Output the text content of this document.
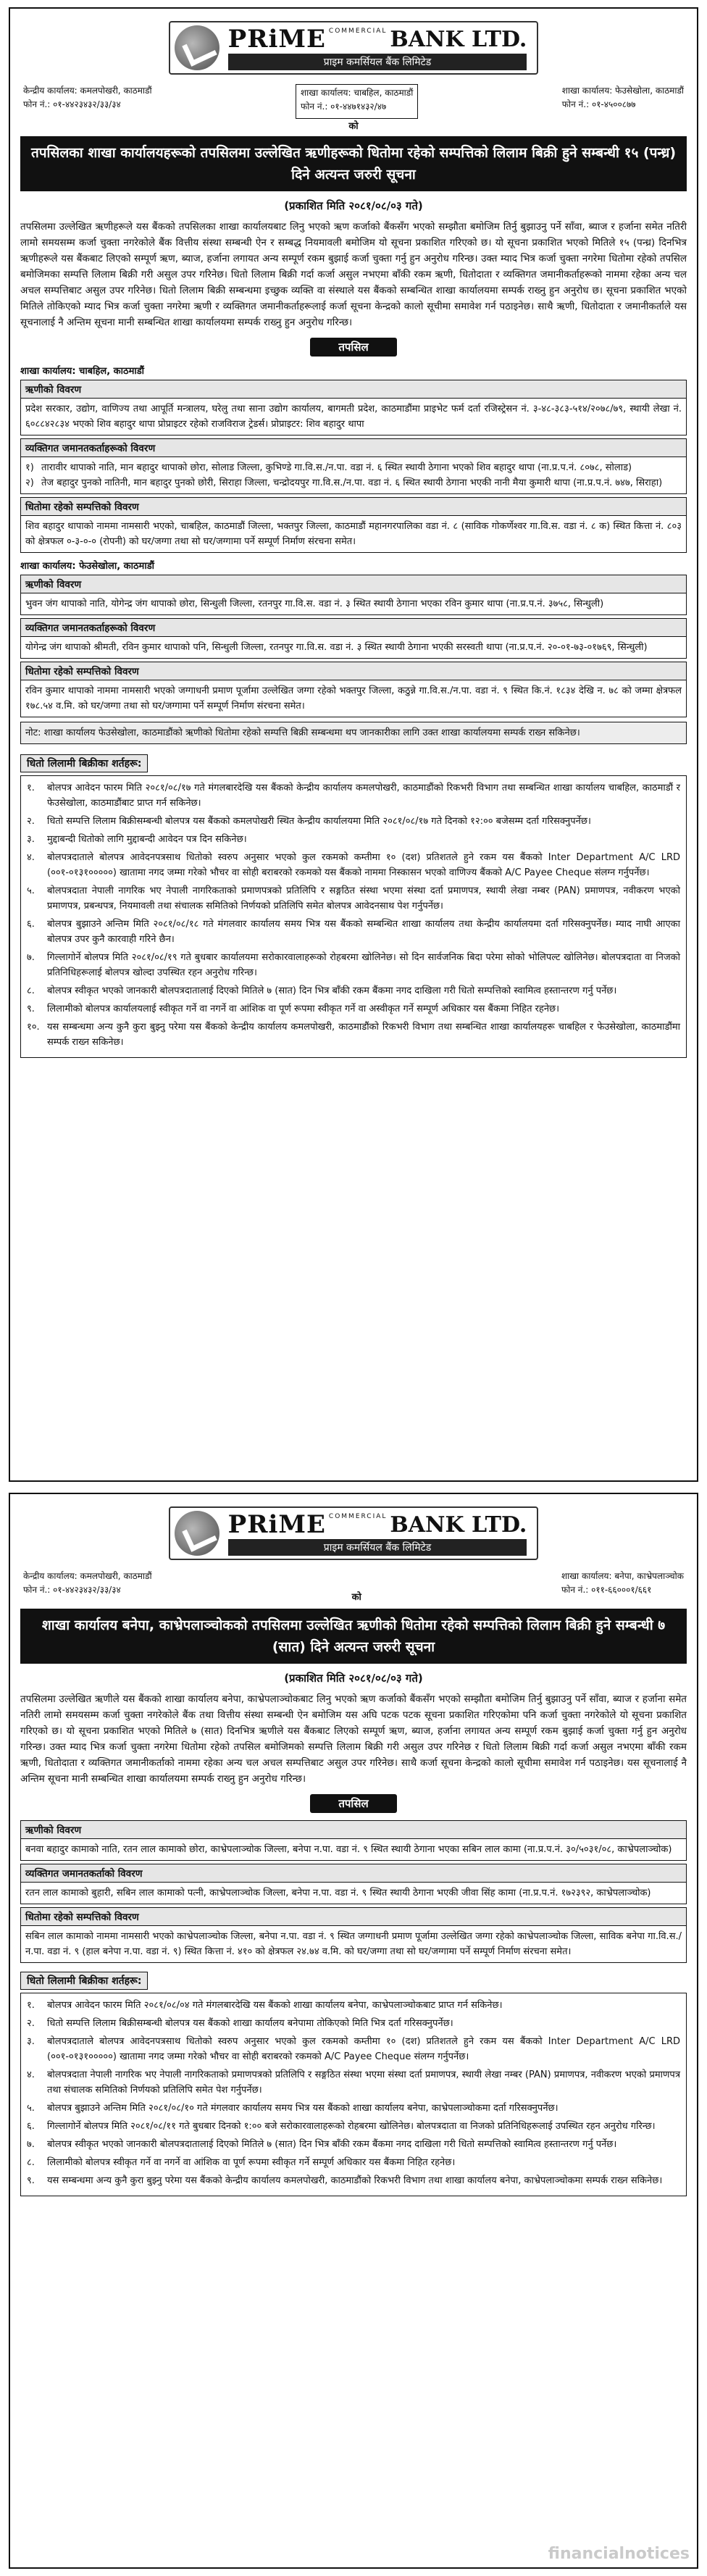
PRiME COMMERCIAL BANK LTD.
प्राइम कमर्सियल बैंक लिमिटेड
केन्द्रीय कार्यालय: कमलपोखरी, काठमाडौं
फोन नं.: ०१-४४२३४३२/३३/३४
शाखा कार्यालय: चाबहिल, काठमाडौं
फोन नं.: ०१-४४७१४३२/४७
शाखा कार्यालय: फेउसेखोला, काठमाडौं
फोन नं.: ०१-४५००८७७
को
तपसिलका शाखा कार्यालयहरूको तपसिलमा उल्लेखित ऋणीहरूको धितोमा रहेको सम्पत्तिको लिलाम बिक्री हुने सम्बन्धी १५ (पन्ध्र) दिने अत्यन्त जरुरी सूचना
(प्रकाशित मिति २०८१/०८/०३ गते)
तपसिलमा उल्लेखित ऋणीहरूले यस बैंकको तपसिलका शाखा कार्यालयबाट लिनु भएको ऋण कर्जाको बैंकसँग भएको सम्झौता बमोजिम तिर्नु बुझाउनु पर्ने साँवा, ब्याज र हर्जाना समेत नतिरी लामो समयसम्म कर्जा चुक्ता नगरेकोले बैंक वित्तीय संस्था सम्बन्धी ऐन र सम्बद्ध नियमावली बमोजिम यो सूचना प्रकाशित गरिएको छ। यो सूचना प्रकाशित भएको मितिले १५ (पन्ध्र) दिनभित्र ऋणीहरूले यस बैंकबाट लिएको सम्पूर्ण ऋण, ब्याज, हर्जाना लगायत अन्य सम्पूर्ण रकम बुझाई कर्जा चुक्ता गर्नु हुन अनुरोध गरिन्छ। उक्त म्याद भित्र कर्जा चुक्ता नगरेमा धितोमा रहेको तपसिल बमोजिमका सम्पत्ति लिलाम बिक्री गरी असुल उपर गरिनेछ। धितो लिलाम बिक्री गर्दा कर्जा असुल नभएमा बाँकी रकम ऋणी, धितोदाता र व्यक्तिगत जमानीकर्ताहरूको नाममा रहेका अन्य चल अचल सम्पत्तिबाट असुल उपर गरिनेछ। धितो लिलाम बिक्री सम्बन्धमा इच्छुक व्यक्ति वा संस्थाले यस बैंकको सम्बन्धित शाखा कार्यालयमा सम्पर्क राख्नु हुन अनुरोध छ। सूचना प्रकाशित भएको मितिले तोकिएको म्याद भित्र कर्जा चुक्ता नगरेमा ऋणी र व्यक्तिगत जमानीकर्ताहरूलाई कर्जा सूचना केन्द्रको कालो सूचीमा समावेश गर्न पठाइनेछ। साथै ऋणी, धितोदाता र जमानीकर्ताले यस सूचनालाई नै अन्तिम सूचना मानी सम्बन्धित शाखा कार्यालयमा सम्पर्क राख्नु हुन अनुरोध गरिन्छ।
तपसिल
शाखा कार्यालय: चाबहिल, काठमाडौं
ऋणीको विवरण
प्रदेश सरकार, उद्योग, वाणिज्य तथा आपूर्ति मन्त्रालय, घरेलु तथा साना उद्योग कार्यालय, बागमती प्रदेश, काठमाडौंमा प्राइभेट फर्म दर्ता रजिस्ट्रेसन नं. ३-४८-३८३-५१४/२०७८/७९, स्थायी लेखा नं. ६०८८४२८३४ भएको शिव बहादुर थापा प्रोप्राइटर रहेको राजविराज ट्रेडर्स। प्रोप्राइटर: शिव बहादुर थापा
व्यक्तिगत जमानतकर्ताहरूको विवरण
१) तारावीर थापाको नाति, मान बहादुर थापाको छोरा, सोलाड जिल्ला, कुभिण्डे गा.वि.स./न.पा. वडा नं. ६ स्थित स्थायी ठेगाना भएको शिव बहादुर थापा (ना.प्र.प.नं. ८०७८, सोलाड)
२) तेज बहादुर पुनको नातिनी, मान बहादुर पुनको छोरी, सिराहा जिल्ला, चन्द्रोदयपुर गा.वि.स./न.पा. वडा नं. ६ स्थित स्थायी ठेगाना भएकी नानी मैया कुमारी थापा (ना.प्र.प.नं. ७४७, सिराहा)
धितोमा रहेको सम्पत्तिको विवरण
शिव बहादुर थापाको नाममा नामसारी भएको, चाबहिल, काठमाडौं जिल्ला, भक्तपुर जिल्ला, काठमाडौं महानगरपालिका वडा नं. ८ (साविक गोकर्णेश्वर गा.वि.स. वडा नं. ८ क) स्थित कित्ता नं. ८०३ को क्षेत्रफल ०-३-०-० (रोपनी) को घर/जग्गा तथा सो घर/जग्गामा पर्ने सम्पूर्ण निर्माण संरचना समेत।
शाखा कार्यालय: फेउसेखोला, काठमाडौं
ऋणीको विवरण
भुवन जंग थापाको नाति, योगेन्द्र जंग थापाको छोरा, सिन्धुली जिल्ला, रतनपुर गा.वि.स. वडा नं. ३ स्थित स्थायी ठेगाना भएका रविन कुमार थापा (ना.प्र.प.नं. ३७५८, सिन्धुली)
व्यक्तिगत जमानतकर्ताहरूको विवरण
योगेन्द्र जंग थापाको श्रीमती, रविन कुमार थापाको पनि, सिन्धुली जिल्ला, रतनपुर गा.वि.स. वडा नं. ३ स्थित स्थायी ठेगाना भएकी सरस्वती थापा (ना.प्र.प.नं. २०-०१-७३-०१७६९, सिन्धुली)
धितोमा रहेको सम्पत्तिको विवरण
रविन कुमार थापाको नाममा नामसारी भएको जग्गाधनी प्रमाण पूर्जामा उल्लेखित जग्गा रहेको भक्तपुर जिल्ला, कठुन्ने गा.वि.स./न.पा. वडा नं. ९ स्थित कि.नं. १८३४ देखि न. ७८ को जम्मा क्षेत्रफल १७८.५४ व.मि. को घर/जग्गा तथा सो घर/जग्गामा पर्ने सम्पूर्ण निर्माण संरचना समेत।
नोट: शाखा कार्यालय फेउसेखोला, काठमाडौंको ऋणीको धितोमा रहेको सम्पत्ति बिक्री सम्बन्धमा थप जानकारीका लागि उक्त शाखा कार्यालयमा सम्पर्क राख्न सकिनेछ।
धितो लिलामी बिक्रीका शर्तहरू:
१.	बोलपत्र आवेदन फारम मिति २०८१/०८/१७ गते मंगलबारदेखि यस बैंकको केन्द्रीय कार्यालय कमलपोखरी, काठमाडौंको रिकभरी विभाग तथा सम्बन्धित शाखा कार्यालय चाबहिल, काठमाडौं र फेउसेखोला, काठमाडौंबाट प्राप्त गर्न सकिनेछ।
२.	धितो सम्पत्ति लिलाम बिक्रीसम्बन्धी बोलपत्र यस बैंकको कमलपोखरी स्थित केन्द्रीय कार्यालयमा मिति २०८१/०८/१७ गते दिनको १२:०० बजेसम्म दर्ता गरिसक्नुपर्नेछ।
३.	मुद्दाबन्दी धितोको लागि मुद्दाबन्दी आवेदन पत्र दिन सकिनेछ।
४.	बोलपत्रदाताले बोलपत्र आवेदनपत्रसाथ धितोको स्वरुप अनुसार भएको कुल रकमको कम्तीमा १० (दश) प्रतिशतले हुने रकम यस बैंकको Inter Department A/C LRD (००१-०१३१०००००) खातामा नगद जम्मा गरेको भौचर वा सोही बराबरको रकमको यस बैंकको नाममा निस्कासन भएको वाणिज्य बैंकको A/C Payee Cheque संलग्न गर्नुपर्नेछ।
५.	बोलपत्रदाता नेपाली नागरिक भए नेपाली नागरिकताको प्रमाणपत्रको प्रतिलिपि र सङ्गठित संस्था भएमा संस्था दर्ता प्रमाणपत्र, स्थायी लेखा नम्बर (PAN) प्रमाणपत्र, नवीकरण भएको प्रमाणपत्र, प्रबन्धपत्र, नियमावली तथा संचालक समितिको निर्णयको प्रतिलिपि समेत बोलपत्र आवेदनसाथ पेश गर्नुपर्नेछ।
६.	बोलपत्र बुझाउने अन्तिम मिति २०८१/०८/१८ गते मंगलवार कार्यालय समय भित्र यस बैंकको सम्बन्धित शाखा कार्यालय तथा केन्द्रीय कार्यालयमा दर्ता गरिसक्नुपर्नेछ। म्याद नाघी आएका बोलपत्र उपर कुनै कारवाही गरिने छैन।
७.	गिल्लागोर्ने बोलपत्र मिति २०८१/०८/१९ गते बुधबार कार्यालयमा सरोकारवालाहरूको रोहबरमा खोलिनेछ। सो दिन सार्वजनिक बिदा परेमा सोको भोलिपल्ट खोलिनेछ। बोलपत्रदाता वा निजको प्रतिनिधिहरूलाई बोलपत्र खोल्दा उपस्थित रहन अनुरोध गरिन्छ।
८.	बोलपत्र स्वीकृत भएको जानकारी बोलपत्रदातालाई दिएको मितिले ७ (सात) दिन भित्र बाँकी रकम बैंकमा नगद दाखिला गरी धितो सम्पत्तिको स्वामित्व हस्तान्तरण गर्नु पर्नेछ।
९.	लिलामीको बोलपत्र कार्यालयलाई स्वीकृत गर्ने वा नगर्ने वा आंशिक वा पूर्ण रूपमा स्वीकृत गर्ने वा अस्वीकृत गर्ने सम्पूर्ण अधिकार यस बैंकमा निहित रहनेछ।
१०. यस सम्बन्धमा अन्य कुनै कुरा बुझ्नु परेमा यस बैंकको केन्द्रीय कार्यालय कमलपोखरी, काठमाडौंको रिकभरी विभाग तथा सम्बन्धित शाखा कार्यालयहरू चाबहिल र फेउसेखोला, काठमाडौंमा सम्पर्क राख्न सकिनेछ।
PRiME COMMERCIAL BANK LTD.
प्राइम कमर्सियल बैंक लिमिटेड
केन्द्रीय कार्यालय: कमलपोखरी, काठमाडौं
फोन नं.: ०१-४४२३४३२/३३/३४
को
शाखा कार्यालय: बनेपा, काभ्रेपलाञ्चोक
फोन नं.: ०११-६६०००१/६६१
शाखा कार्यालय बनेपा, काभ्रेपलाञ्चोकको तपसिलमा उल्लेखित ऋणीको धितोमा रहेको सम्पत्तिको लिलाम बिक्री हुने सम्बन्धी ७ (सात) दिने अत्यन्त जरुरी सूचना
(प्रकाशित मिति २०८१/०८/०३ गते)
तपसिलमा उल्लेखित ऋणीले यस बैंकको शाखा कार्यालय बनेपा, काभ्रेपलाञ्चोकबाट लिनु भएको ऋण कर्जाको बैंकसँग भएको सम्झौता बमोजिम तिर्नु बुझाउनु पर्ने साँवा, ब्याज र हर्जाना समेत नतिरी लामो समयसम्म कर्जा चुक्ता नगरेकोले बैंक तथा वित्तीय संस्था सम्बन्धी ऐन बमोजिम यस अघि पटक पटक सूचना प्रकाशित गरिएकोमा पनि कर्जा चुक्ता नगरेकोले यो सूचना प्रकाशित गरिएको छ। यो सूचना प्रकाशित भएको मितिले ७ (सात) दिनभित्र ऋणीले यस बैंकबाट लिएको सम्पूर्ण ऋण, ब्याज, हर्जाना लगायत अन्य सम्पूर्ण रकम बुझाई कर्जा चुक्ता गर्नु हुन अनुरोध गरिन्छ। उक्त म्याद भित्र कर्जा चुक्ता नगरेमा धितोमा रहेको तपसिल बमोजिमको सम्पत्ति लिलाम बिक्री गरी असुल उपर गरिनेछ र धितो लिलाम बिक्री गर्दा कर्जा असुल नभएमा बाँकी रकम ऋणी, धितोदाता र व्यक्तिगत जमानीकर्ताको नाममा रहेका अन्य चल अचल सम्पत्तिबाट असुल उपर गरिनेछ। साथै कर्जा सूचना केन्द्रको कालो सूचीमा समावेश गर्न पठाइनेछ। यस सूचनालाई नै अन्तिम सूचना मानी सम्बन्धित शाखा कार्यालयमा सम्पर्क राख्नु हुन अनुरोध गरिन्छ।
तपसिल
ऋणीको विवरण
बनवा बहादुर कामाको नाति, रतन लाल कामाको छोरा, काभ्रेपलाञ्चोक जिल्ला, बनेपा न.पा. वडा नं. ९ स्थित स्थायी ठेगाना भएका सबिन लाल कामा (ना.प्र.प.नं. ३०/५०३१/०८, काभ्रेपलाञ्चोक)
व्यक्तिगत जमानतकर्ताको विवरण
रतन लाल कामाको बुहारी, सबिन लाल कामाको पत्नी, काभ्रेपलाञ्चोक जिल्ला, बनेपा न.पा. वडा नं. ९ स्थित स्थायी ठेगाना भएकी जीवा सिंह कामा (ना.प्र.प.नं. १७२३९२, काभ्रेपलाञ्चोक)
धितोमा रहेको सम्पत्तिको विवरण
सबिन लाल कामाको नाममा नामसारी भएको काभ्रेपलाञ्चोक जिल्ला, बनेपा न.पा. वडा नं. ९ स्थित जग्गाधनी प्रमाण पूर्जामा उल्लेखित जग्गा रहेको काभ्रेपलाञ्चोक जिल्ला, साविक बनेपा गा.वि.स./न.पा. वडा नं. ९ (हाल बनेपा न.पा. वडा नं. ९) स्थित कित्ता नं. ४१० को क्षेत्रफल २४.७४ व.मि. को घर/जग्गा तथा सो घर/जग्गामा पर्ने सम्पूर्ण निर्माण संरचना समेत।
धितो लिलामी बिक्रीका शर्तहरू:
१.	बोलपत्र आवेदन फारम मिति २०८१/०८/०४ गते मंगलबारदेखि यस बैंकको शाखा कार्यालय बनेपा, काभ्रेपलाञ्चोकबाट प्राप्त गर्न सकिनेछ।
२.	धितो सम्पत्ति लिलाम बिक्रीसम्बन्धी बोलपत्र यस बैंकको शाखा कार्यालय बनेपामा तोकिएको मिति भित्र दर्ता गरिसक्नुपर्नेछ।
३.	बोलपत्रदाताले बोलपत्र आवेदनपत्रसाथ धितोको स्वरुप अनुसार भएको कुल रकमको कम्तीमा १० (दश) प्रतिशतले हुने रकम यस बैंकको Inter Department A/C LRD (००१-०१३१०००००) खातामा नगद जम्मा गरेको भौचर वा सोही बराबरको रकमको A/C Payee Cheque संलग्न गर्नुपर्नेछ।
४.	बोलपत्रदाता नेपाली नागरिक भए नेपाली नागरिकताको प्रमाणपत्रको प्रतिलिपि र सङ्गठित संस्था भएमा संस्था दर्ता प्रमाणपत्र, स्थायी लेखा नम्बर (PAN) प्रमाणपत्र, नवीकरण भएको प्रमाणपत्र तथा संचालक समितिको निर्णयको प्रतिलिपि समेत पेश गर्नुपर्नेछ।
५.	बोलपत्र बुझाउने अन्तिम मिति २०८१/०८/१० गते मंगलवार कार्यालय समय भित्र यस बैंकको शाखा कार्यालय बनेपा, काभ्रेपलाञ्चोकमा दर्ता गरिसक्नुपर्नेछ।
६.	गिल्लागोर्ने बोलपत्र मिति २०८१/०८/११ गते बुधबार दिनको १:०० बजे सरोकारवालाहरूको रोहबरमा खोलिनेछ। बोलपत्रदाता वा निजको प्रतिनिधिहरूलाई उपस्थित रहन अनुरोध गरिन्छ।
७.	बोलपत्र स्वीकृत भएको जानकारी बोलपत्रदातालाई दिएको मितिले ७ (सात) दिन भित्र बाँकी रकम बैंकमा नगद दाखिला गरी धितो सम्पत्तिको स्वामित्व हस्तान्तरण गर्नु पर्नेछ।
८.	लिलामीको बोलपत्र स्वीकृत गर्ने वा नगर्ने वा आंशिक वा पूर्ण रूपमा स्वीकृत गर्ने सम्पूर्ण अधिकार यस बैंकमा निहित रहनेछ।
९.	यस सम्बन्धमा अन्य कुनै कुरा बुझ्नु परेमा यस बैंकको केन्द्रीय कार्यालय कमलपोखरी, काठमाडौंको रिकभरी विभाग तथा शाखा कार्यालय बनेपा, काभ्रेपलाञ्चोकमा सम्पर्क राख्न सकिनेछ।
financialnotices
